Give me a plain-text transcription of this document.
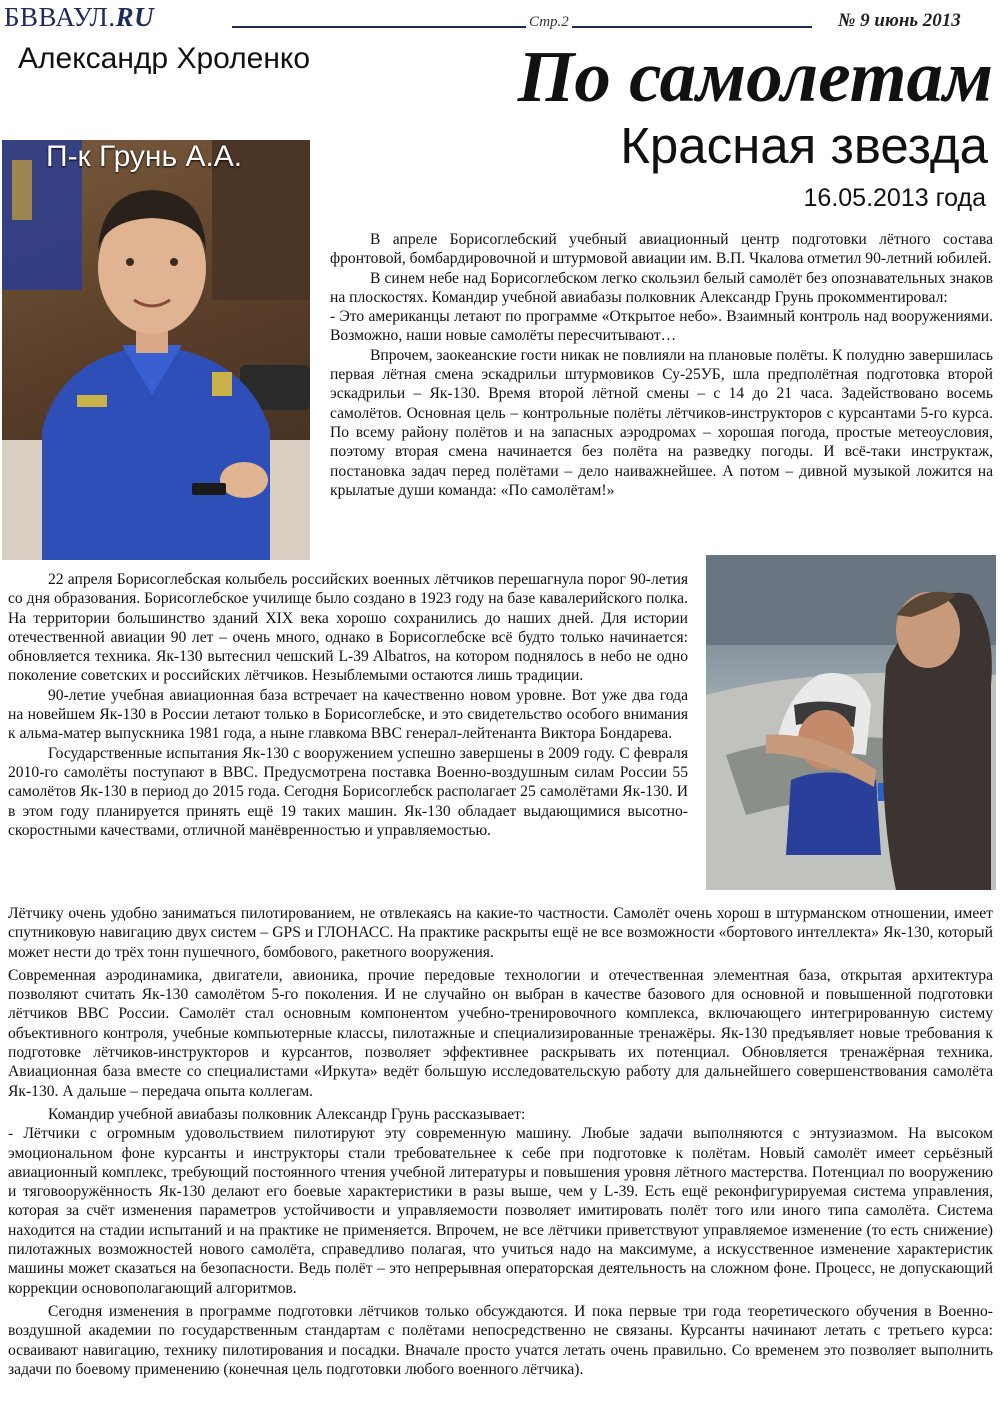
БВВАУЛ.RU	Стр.2	№ 9 июнь 2013
Александр Хроленко	По самолетам
Красная звезда
16.05.2013 года
П-к Грунь А.А.

В апреле Борисоглебский учебный авиационный центр подготовки лётного состава фронтовой, бомбардировочной и штурмовой авиации им. В.П. Чкалова отметил 90-летний юбилей.

В синем небе над Борисоглебском легко скользил белый самолёт без опознавательных знаков на плоскостях. Командир учебной авиабазы полковник Александр Грунь прокомментировал:

- Это американцы летают по программе «Открытое небо». Взаимный контроль над вооружениями. Возможно, наши новые самолёты пересчитывают…

Впрочем, заокеанские гости никак не повлияли на плановые полёты. К полудню завершилась первая лётная смена эскадрильи штурмовиков Су-25УБ, шла предполётная подготовка второй эскадрильи – Як-130. Время второй лётной смены – с 14 до 21 часа. Задействовано восемь самолётов. Основная цель – контрольные полёты лётчиков-инструкторов с курсантами 5-го курса. По всему району полётов и на запасных аэродромах – хорошая погода, простые метеоусловия, поэтому вторая смена начинается без полёта на разведку погоды. И всё-таки инструктаж, постановка задач перед полётами – дело наиважнейшее. А потом – дивной музыкой ложится на крылатые души команда: «По самолётам!»

22 апреля Борисоглебская колыбель российских военных лётчиков перешагнула порог 90-летия со дня образования. Борисоглебское училище было создано в 1923 году на базе кавалерийского полка. На территории большинство зданий XIX века хорошо сохранились до наших дней. Для истории отечественной авиации 90 лет – очень много, однако в Борисоглебске всё будто только начинается: обновляется техника. Як-130 вытеснил чешский L-39 Albatros, на котором поднялось в небо не одно поколение советских и российских лётчиков. Незыблемыми остаются лишь традиции.

90-летие учебная авиационная база встречает на качественно новом уровне. Вот уже два года на новейшем Як-130 в России летают только в Борисоглебске, и это свидетельство особого внимания к альма-матер выпускника 1981 года, а ныне главкома ВВС генерал-лейтенанта Виктора Бондарева.

Государственные испытания Як-130 с вооружением успешно завершены в 2009 году. С февраля 2010-го самолёты поступают в ВВС. Предусмотрена поставка Военно-воздушным силам России 55 самолётов Як-130 в период до 2015 года. Сегодня Борисоглебск располагает 25 самолётами Як-130. И в этом году планируется принять ещё 19 таких машин. Як-130 обладает выдающимися высотно-скоростными качествами, отличной манёвренностью и управляемостью.

Лётчику очень удобно заниматься пилотированием, не отвлекаясь на какие-то частности. Самолёт очень хорош в штурманском отношении, имеет спутниковую навигацию двух систем – GPS и ГЛОНАСС. На практике раскрыты ещё не все возможности «бортового интеллекта» Як-130, который может нести до трёх тонн пушечного, бомбового, ракетного вооружения.

Современная аэродинамика, двигатели, авионика, прочие передовые технологии и отечественная элементная база, открытая архитектура позволяют считать Як-130 самолётом 5-го поколения. И не случайно он выбран в качестве базового для основной и повышенной подготовки лётчиков ВВС России. Самолёт стал основным компонентом учебно-тренировочного комплекса, включающего интегрированную систему объективного контроля, учебные компьютерные классы, пилотажные и специализированные тренажёры. Як-130 предъявляет новые требования к подготовке лётчиков-инструкторов и курсантов, позволяет эффективнее раскрывать их потенциал. Обновляется тренажёрная техника. Авиационная база вместе со специалистами «Иркута» ведёт большую исследовательскую работу для дальнейшего совершенствования самолёта Як-130. А дальше – передача опыта коллегам.

Командир учебной авиабазы полковник Александр Грунь рассказывает:

- Лётчики с огромным удовольствием пилотируют эту современную машину. Любые задачи выполняются с энтузиазмом. На высоком эмоциональном фоне курсанты и инструкторы стали требовательнее к себе при подготовке к полётам. Новый самолёт имеет серьёзный авиационный комплекс, требующий постоянного чтения учебной литературы и повышения уровня лётного мастерства. Потенциал по вооружению и тяговооружённость Як-130 делают его боевые характеристики в разы выше, чем у L-39. Есть ещё реконфигурируемая система управления, которая за счёт изменения параметров устойчивости и управляемости позволяет имитировать полёт того или иного типа самолёта. Система находится на стадии испытаний и на практике не применяется. Впрочем, не все лётчики приветствуют управляемое изменение (то есть снижение) пилотажных возможностей нового самолёта, справедливо полагая, что учиться надо на максимуме, а искусственное изменение характеристик машины может сказаться на безопасности. Ведь полёт – это непрерывная операторская деятельность на сложном фоне. Процесс, не допускающий коррекции основополагающий алгоритмов.

Сегодня изменения в программе подготовки лётчиков только обсуждаются. И пока первые три года теоретического обучения в Военно-воздушной академии по государственным стандартам с полётами непосредственно не связаны. Курсанты начинают летать с третьего курса: осваивают навигацию, технику пилотирования и посадки. Вначале просто учатся летать очень правильно. Со временем это позволяет выполнить задачи по боевому применению (конечная цель подготовки любого военного лётчика).
